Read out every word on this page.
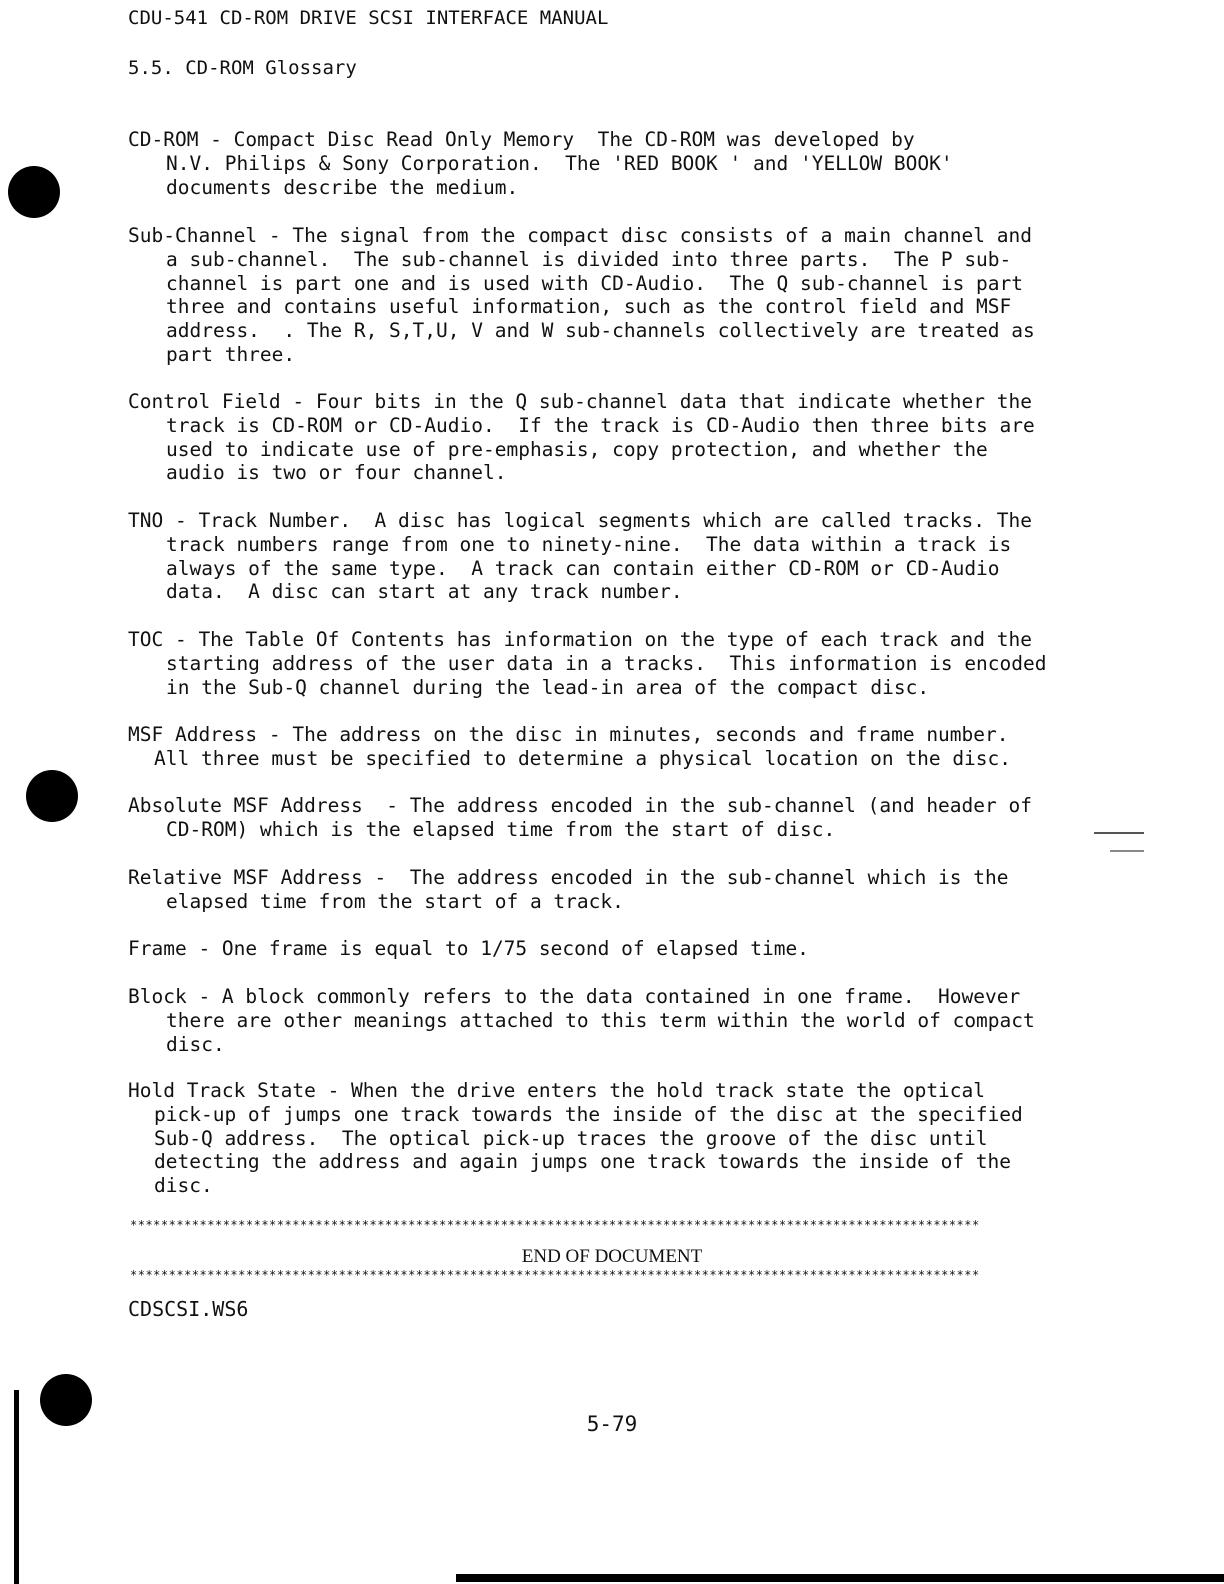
CDU-541 CD-ROM DRIVE SCSI INTERFACE MANUAL
5.5. CD-ROM Glossary
CD-ROM - Compact Disc Read Only Memory  The CD-ROM was developed by
N.V. Philips & Sony Corporation.  The 'RED BOOK ' and 'YELLOW BOOK'
documents describe the medium.
Sub-Channel - The signal from the compact disc consists of a main channel and
a sub-channel.  The sub-channel is divided into three parts.  The P sub-
channel is part one and is used with CD-Audio.  The Q sub-channel is part
three and contains useful information, such as the control field and MSF
address.  . The R, S,T,U, V and W sub-channels collectively are treated as
part three.
Control Field - Four bits in the Q sub-channel data that indicate whether the
track is CD-ROM or CD-Audio.  If the track is CD-Audio then three bits are
used to indicate use of pre-emphasis, copy protection, and whether the
audio is two or four channel.
TNO - Track Number.  A disc has logical segments which are called tracks. The
track numbers range from one to ninety-nine.  The data within a track is
always of the same type.  A track can contain either CD-ROM or CD-Audio
data.  A disc can start at any track number.
TOC - The Table Of Contents has information on the type of each track and the
starting address of the user data in a tracks.  This information is encoded
in the Sub-Q channel during the lead-in area of the compact disc.
MSF Address - The address on the disc in minutes, seconds and frame number.
All three must be specified to determine a physical location on the disc.
Absolute MSF Address  - The address encoded in the sub-channel (and header of
CD-ROM) which is the elapsed time from the start of disc.
Relative MSF Address -  The address encoded in the sub-channel which is the
elapsed time from the start of a track.
Frame - One frame is equal to 1/75 second of elapsed time.
Block - A block commonly refers to the data contained in one frame.  However
there are other meanings attached to this term within the world of compact
disc.
Hold Track State - When the drive enters the hold track state the optical
pick-up of jumps one track towards the inside of the disc at the specified
Sub-Q address.  The optical pick-up traces the groove of the disc until
detecting the address and again jumps one track towards the inside of the
disc.
**************************************************************************************************************
END OF DOCUMENT
**************************************************************************************************************
CDSCSI.WS6
5-79
